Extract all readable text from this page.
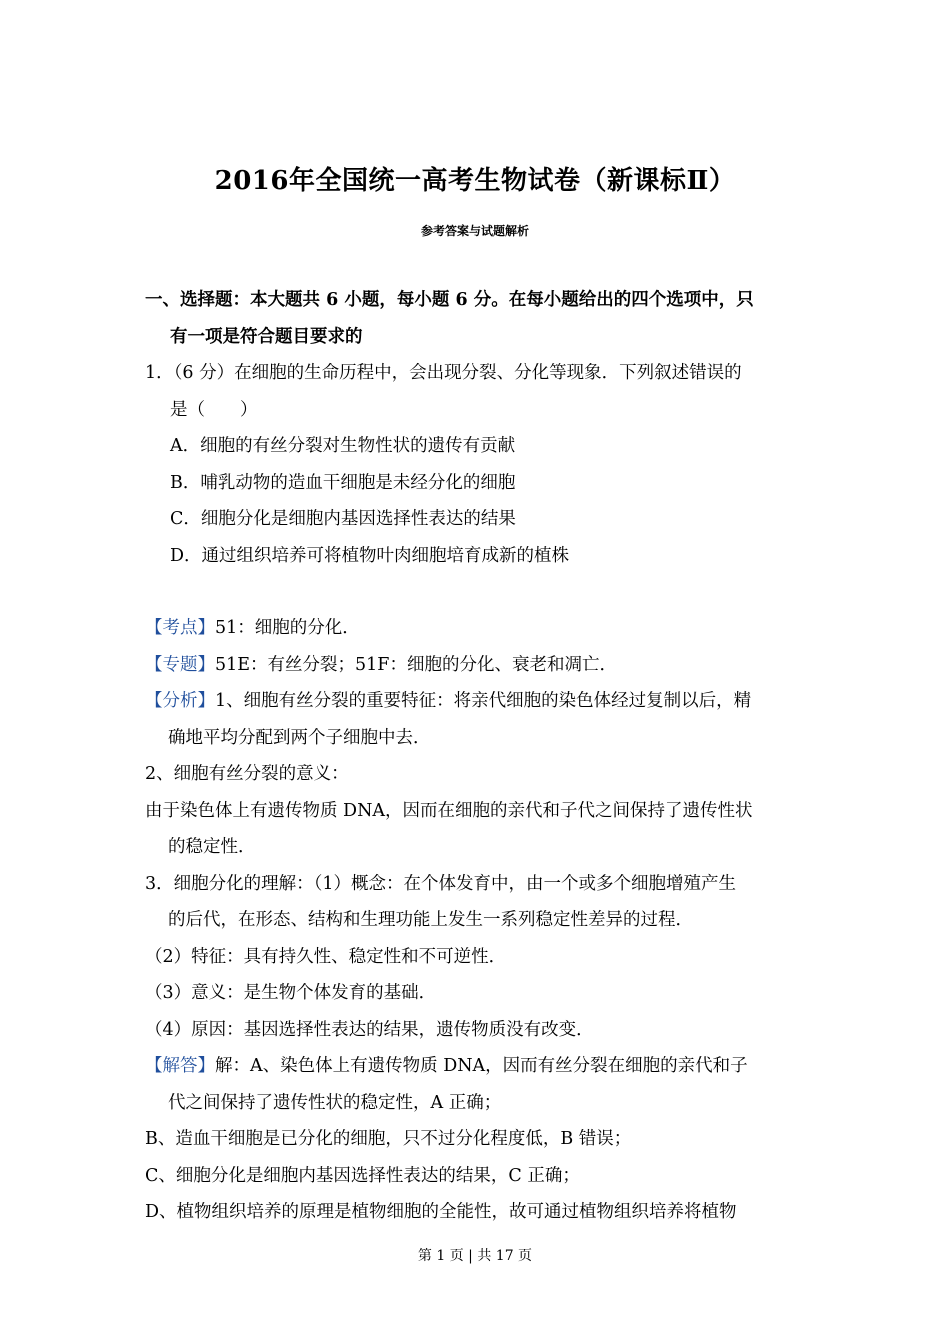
2016年全国统一高考生物试卷（新课标Ⅱ）
参考答案与试题解析
一、选择题：本大题共 6 小题，每小题 6 分。在每小题给出的四个选项中，只
有一项是符合题目要求的
1．（6 分）在细胞的生命历程中，会出现分裂、分化等现象．下列叙述错误的
是（　　）
A．细胞的有丝分裂对生物性状的遗传有贡献
B．哺乳动物的造血干细胞是未经分化的细胞
C．细胞分化是细胞内基因选择性表达的结果
D．通过组织培养可将植物叶肉细胞培育成新的植株
【考点】51：细胞的分化．
【专题】51E：有丝分裂；51F：细胞的分化、衰老和凋亡．
【分析】1、细胞有丝分裂的重要特征：将亲代细胞的染色体经过复制以后，精
确地平均分配到两个子细胞中去．
2、细胞有丝分裂的意义：
由于染色体上有遗传物质 DNA，因而在细胞的亲代和子代之间保持了遗传性状
的稳定性．
3．细胞分化的理解：（1）概念：在个体发育中，由一个或多个细胞增殖产生
的后代，在形态、结构和生理功能上发生一系列稳定性差异的过程．
（2）特征：具有持久性、稳定性和不可逆性．
（3）意义：是生物个体发育的基础．
（4）原因：基因选择性表达的结果，遗传物质没有改变．
【解答】解：A、染色体上有遗传物质 DNA，因而有丝分裂在细胞的亲代和子
代之间保持了遗传性状的稳定性，A 正确；
B、造血干细胞是已分化的细胞，只不过分化程度低，B 错误；
C、细胞分化是细胞内基因选择性表达的结果，C 正确；
D、植物组织培养的原理是植物细胞的全能性，故可通过植物组织培养将植物
第 1 页 | 共 17 页
